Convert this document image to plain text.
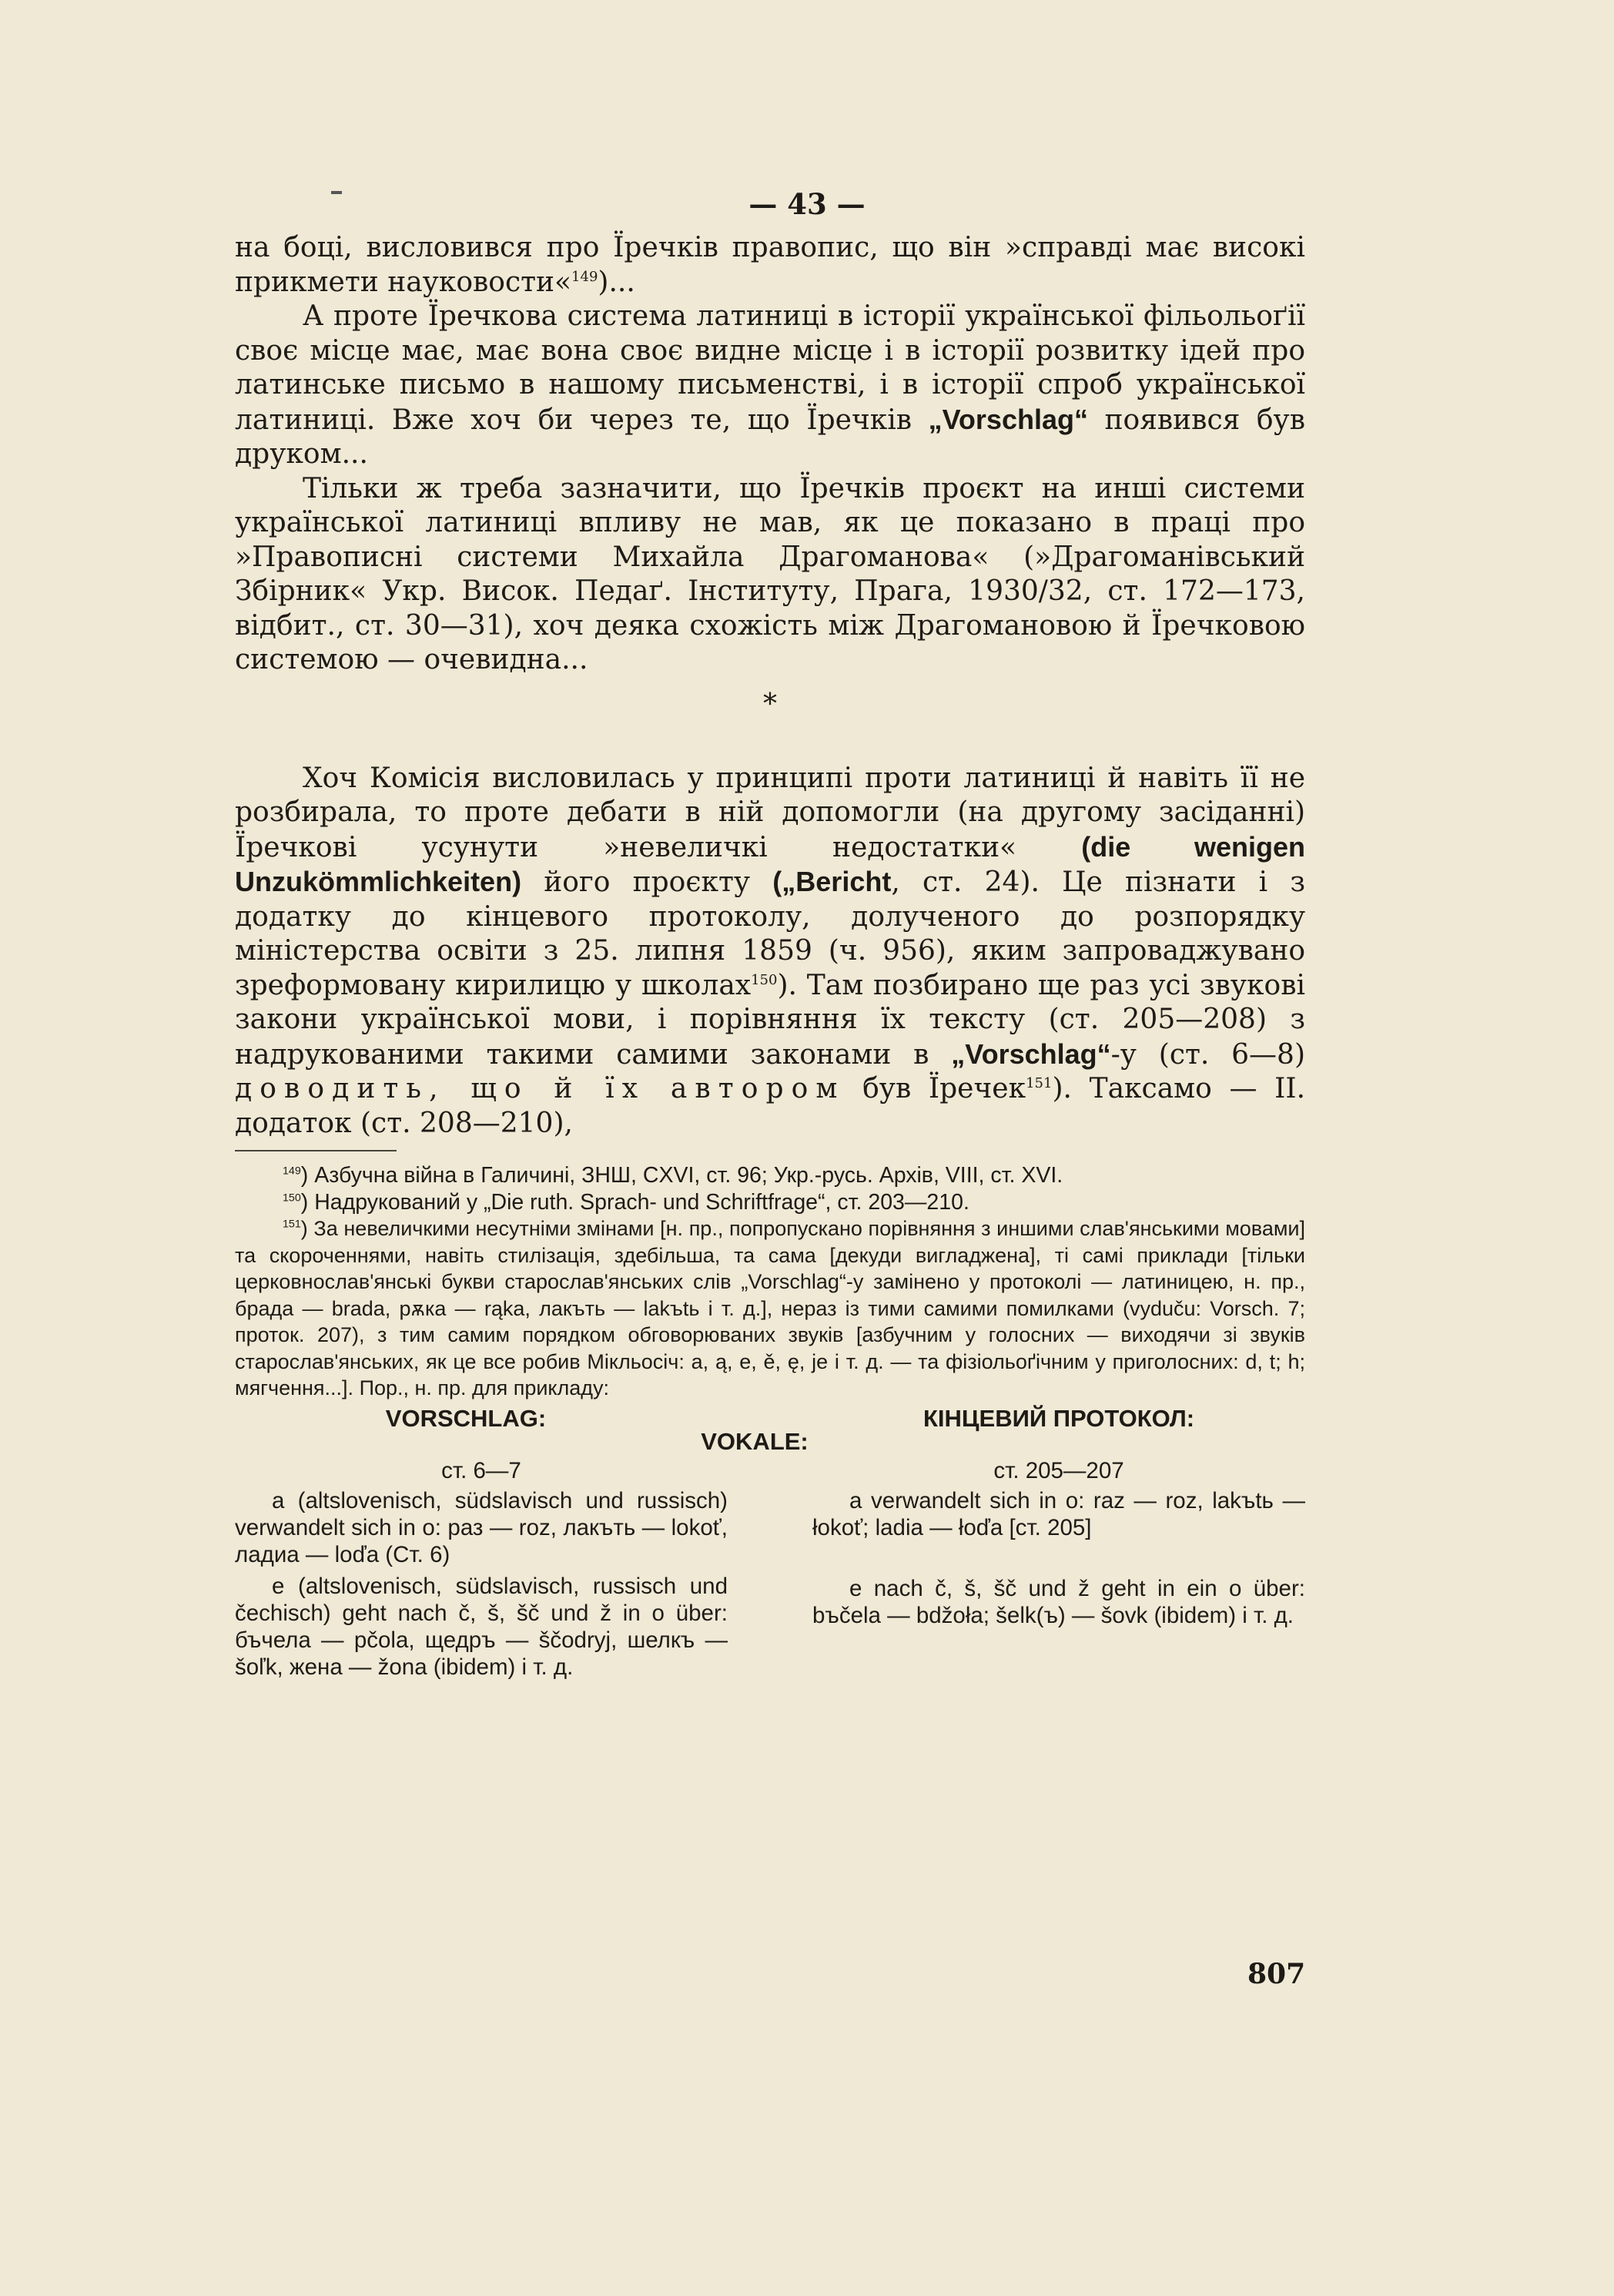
— 43 —

на боці, висловився про Їречків правопис, що він »справді має високі прикмети науковости«$^{149}$)...

А проте Їречкова система латиниці в історії української фільольоґії своє місце має, має вона своє видне місце і в історії розвитку ідей про латинське письмо в нашому письменстві, і в історії спроб української латиниці. Вже хоч би через те, що Їречків „Vorschlag“ появився був друком...

Тільки ж треба зазначити, що Їречків проєкт на инші системи української латиниці впливу не мав, як це показано в праці про »Правописні системи Михайла Драгоманова« (»Драгоманівський Збірник« Укр. Висок. Педаґ. Інституту, Прага, 1930/32, ст. 172—173, відбит., ст. 30—31), хоч деяка схожість між Драгомановою й Їречковою системою — очевидна...

*

Хоч Комісія висловилась у принципі проти латиниці й навіть її не розбирала, то проте дебати в ній допомогли (на другому засіданні) Їречкові усунути »невеличкі недостатки« (die wenigen Unzukömmlichkeiten) його проєкту („Bericht, ст. 24). Це пізнати і з додатку до кінцевого протоколу, долученого до розпорядку міністерства освіти з 25. липня 1859 (ч. 956), яким запроваджувано зреформовану кирилицю у школах$^{150}$). Там позбирано ще раз усі звукові закони української мови, і порівняння їх тексту (ст. 205—208) з надрукованими такими самими законами в „Vorschlag“-у (ст. 6—8) доводить, що й їх автором був Їречек$^{151}$). Таксамо — II. додаток (ст. 208—210),

$^{149}$) Азбучна війна в Галичині, ЗНШ, CXVI, ст. 96; Укр.-русь. Архів, VIII, ст. XVI.

$^{150}$) Надрукований у „Die ruth. Sprach- und Schriftfrage“, ст. 203—210.

$^{151}$) За невеличкими несутніми змінами [н. пр., попропускано порівняння з иншими слав'янськими мовами] та скороченнями, навіть стилізація, здебільша, та сама [декуди вигладжена], ті самі приклади [тільки церковнослав'янські букви старослав'янських слів „Vorschlag“-у замінено у протоколі — латиницею, н. пр., брада — brada, рѫка — rąka, лакъть — lakъtь і т. д.], нераз із тими самими помилками (vyduču: Vorsch. 7; проток. 207), з тим самим порядком обговорюваних звуків [азбучним у голосних — виходячи зі звуків старослав'янських, як це все робив Мікльосіч: a, ą, e, ě, ę, je і т. д. — та фізіольоґічним у приголосних: d, t; h; мягчення...]. Пор., н. пр. для прикладу:

VORSCHLAG:	КІНЦЕВИЙ ПРОТОКОЛ:
VOKALE:
ст. 6—7

a (altslovenisch, südslavisch und russisch) verwandelt sich in o: раз — roz, лакъть — lokoť, ладиа — loďa (Ст. 6)

e (altslovenisch, südslavisch, russisch und čechisch) geht nach č, š, šč und ž in o über: бъчела — pčola, щедръ — ščodryj, шелкъ — šoľk, жена — žona (ibidem) і т. д.

ст. 205—207

a verwandelt sich in o: raz — roz, lakъtь — łokoť; ladia — łoďa [ст. 205]

e nach č, š, šč und ž geht in ein o über: bъčela — bdžoła; šelk(ъ) — šovk (ibidem) і т. д.

807
